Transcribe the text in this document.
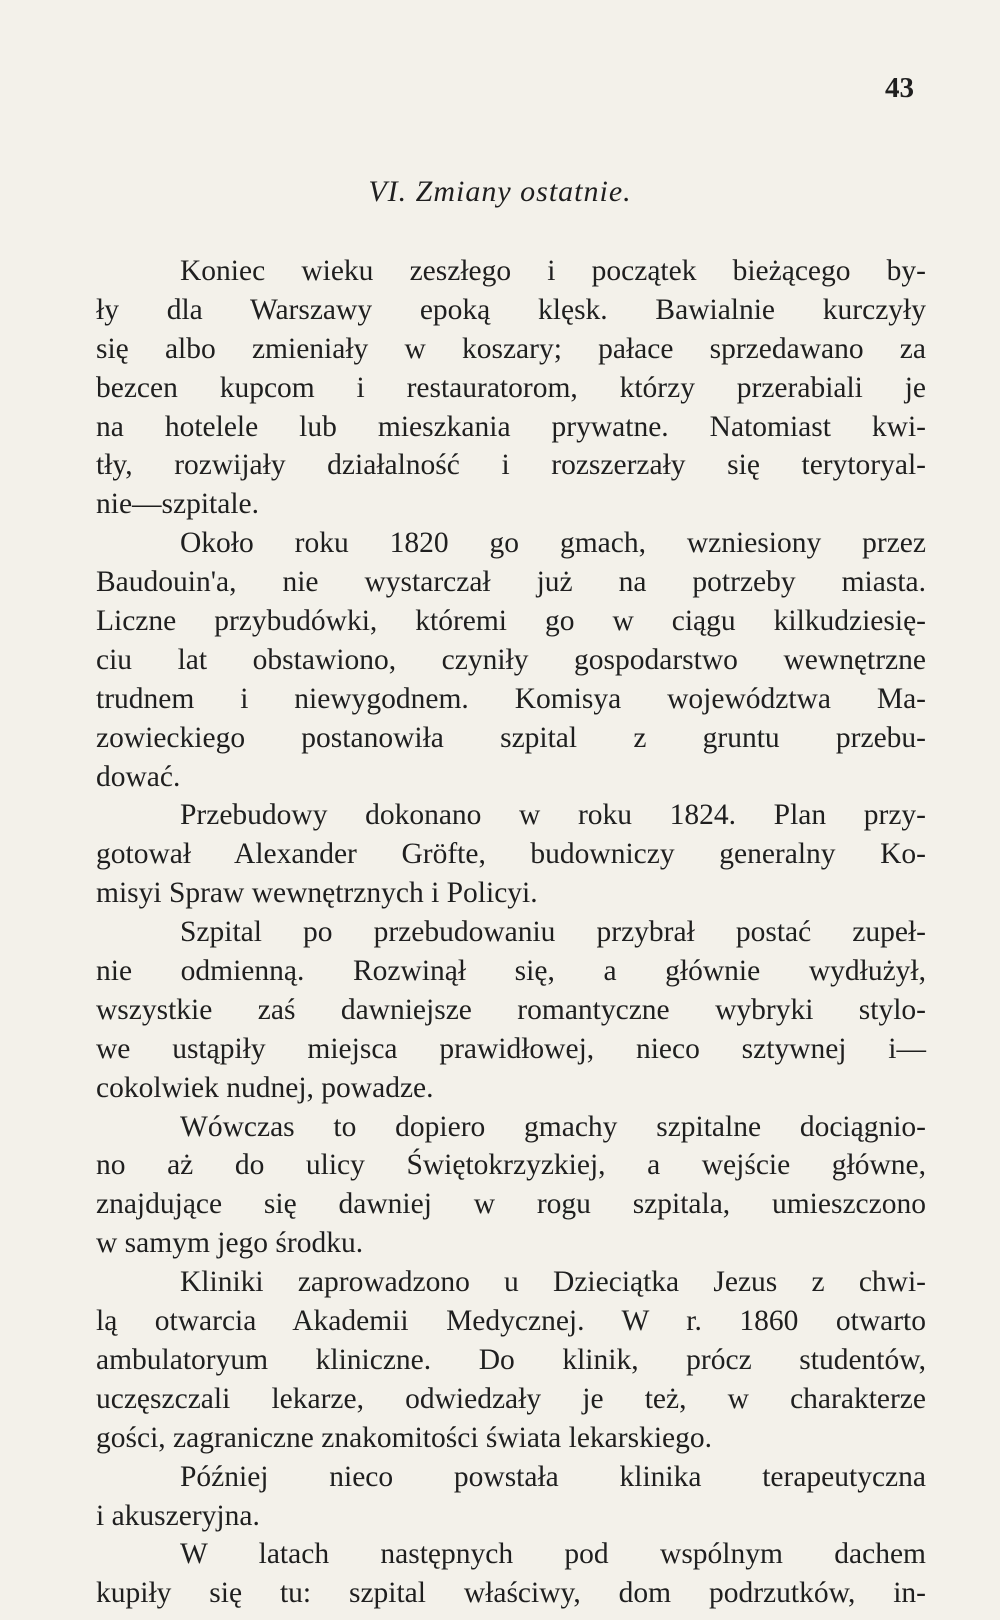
43
VI. Zmiany ostatnie.
Koniec wieku zeszłego i początek bieżącego by-
ły dla Warszawy epoką klęsk. Bawialnie kurczyły
się albo zmieniały w koszary; pałace sprzedawano za
bezcen kupcom i restauratorom, którzy przerabiali je
na hotelele lub mieszkania prywatne. Natomiast kwi-
tły, rozwijały działalność i rozszerzały się terytoryal-
nie—szpitale.
Około roku 1820 go gmach, wzniesiony przez
Baudouin'a, nie wystarczał już na potrzeby miasta.
Liczne przybudówki, któremi go w ciągu kilkudziesię-
ciu lat obstawiono, czyniły gospodarstwo wewnętrzne
trudnem i niewygodnem. Komisya województwa Ma-
zowieckiego postanowiła szpital z gruntu przebu-
dować.
Przebudowy dokonano w roku 1824. Plan przy-
gotował Alexander Gröfte, budowniczy generalny Ko-
misyi Spraw wewnętrznych i Policyi.
Szpital po przebudowaniu przybrał postać zupeł-
nie odmienną. Rozwinął się, a głównie wydłużył,
wszystkie zaś dawniejsze romantyczne wybryki stylo-
we ustąpiły miejsca prawidłowej, nieco sztywnej i—
cokolwiek nudnej, powadze.
Wówczas to dopiero gmachy szpitalne dociągnio-
no aż do ulicy Świętokrzyzkiej, a wejście główne,
znajdujące się dawniej w rogu szpitala, umieszczono
w samym jego środku.
Kliniki zaprowadzono u Dzieciątka Jezus z chwi-
lą otwarcia Akademii Medycznej. W r. 1860 otwarto
ambulatoryum kliniczne. Do klinik, prócz studentów,
uczęszczali lekarze, odwiedzały je też, w charakterze
gości, zagraniczne znakomitości świata lekarskiego.
Później nieco powstała klinika terapeutyczna
i akuszeryjna.
W latach następnych pod wspólnym dachem
kupiły się tu: szpital właściwy, dom podrzutków, in-
